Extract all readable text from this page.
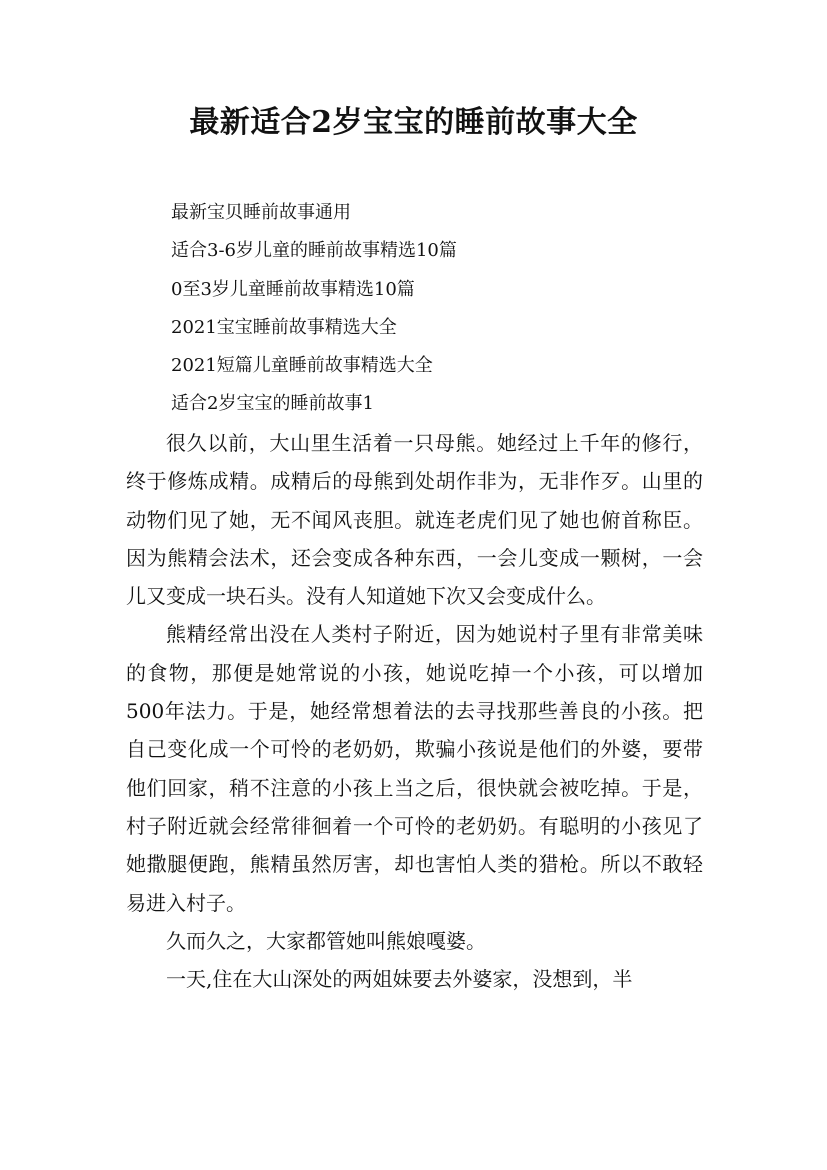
最新适合2岁宝宝的睡前故事大全
最新宝贝睡前故事通用
适合3-6岁儿童的睡前故事精选10篇
0至3岁儿童睡前故事精选10篇
2021宝宝睡前故事精选大全
2021短篇儿童睡前故事精选大全
适合2岁宝宝的睡前故事1

很久以前，大山里生活着一只母熊。她经过上千年的修行，终于修炼成精。成精后的母熊到处胡作非为，无非作歹。山里的动物们见了她，无不闻风丧胆。就连老虎们见了她也俯首称臣。因为熊精会法术，还会变成各种东西，一会儿变成一颗树，一会儿又变成一块石头。没有人知道她下次又会变成什么。

熊精经常出没在人类村子附近，因为她说村子里有非常美味的食物，那便是她常说的小孩，她说吃掉一个小孩，可以增加500年法力。于是，她经常想着法的去寻找那些善良的小孩。把自己变化成一个可怜的老奶奶，欺骗小孩说是他们的外婆，要带他们回家，稍不注意的小孩上当之后，很快就会被吃掉。于是，村子附近就会经常徘徊着一个可怜的老奶奶。有聪明的小孩见了她撒腿便跑，熊精虽然厉害，却也害怕人类的猎枪。所以不敢轻易进入村子。

久而久之，大家都管她叫熊娘嘎婆。

一天,住在大山深处的两姐妹要去外婆家，没想到，半
